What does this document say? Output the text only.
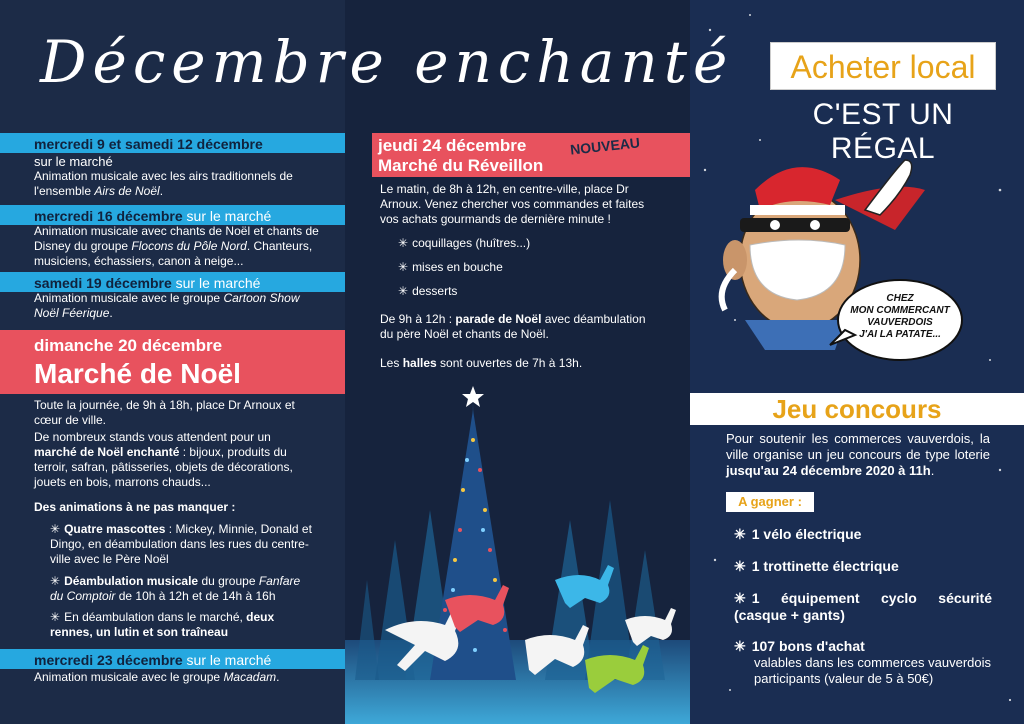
Décembre enchanté
mercredi 9 et samedi 12 décembre
sur le marché
Animation musicale avec les airs traditionnels de l'ensemble Airs de Noël.
mercredi 16 décembre sur le marché
Animation musicale avec chants de Noël et chants de Disney du groupe Flocons du Pôle Nord. Chanteurs, musiciens, échassiers, canon à neige...
samedi 19 décembre sur le marché
Animation musicale avec le groupe Cartoon Show Noël Féerique.
dimanche 20 décembre
Marché de Noël
Toute la journée, de 9h à 18h, place Dr Arnoux et cœur de ville.
De nombreux stands vous attendent pour un marché de Noël enchanté : bijoux, produits du terroir, safran, pâtisseries, objets de décorations, jouets en bois, marrons chauds...
Des animations à ne pas manquer :
✳ Quatre mascottes : Mickey, Minnie, Donald et Dingo, en déambulation dans les rues du centre-ville avec le Père Noël
✳ Déambulation musicale du groupe Fanfare du Comptoir de 10h à 12h et de 14h à 16h
✳ En déambulation dans le marché, deux rennes, un lutin et son traîneau
mercredi 23 décembre sur le marché
Animation musicale avec le groupe Macadam.
jeudi 24 décembre
Marché du Réveillon
NOUVEAU
Le matin, de 8h à 12h, en centre-ville, place Dr Arnoux. Venez chercher vos commandes et faites vos achats gourmands de dernière minute !
✳ coquillages (huîtres...)
✳ mises en bouche
✳ desserts
De 9h à 12h : parade de Noël avec déambulation du père Noël et chants de Noël.
Les halles sont ouvertes de 7h à 13h.
Acheter local
C'EST UN RÉGAL
CHEZ
MON COMMERCANT
VAUVERDOIS
J'AI LA PATATE...
Jeu concours
Pour soutenir les commerces vauverdois, la ville organise un jeu concours de type loterie jusqu'au 24 décembre 2020 à 11h.
A gagner :
✳ 1 vélo électrique
✳ 1 trottinette électrique
✳ 1 équipement cyclo sécurité (casque + gants)
✳ 107 bons d'achat
valables dans les commerces vauverdois participants (valeur de 5 à 50€)
